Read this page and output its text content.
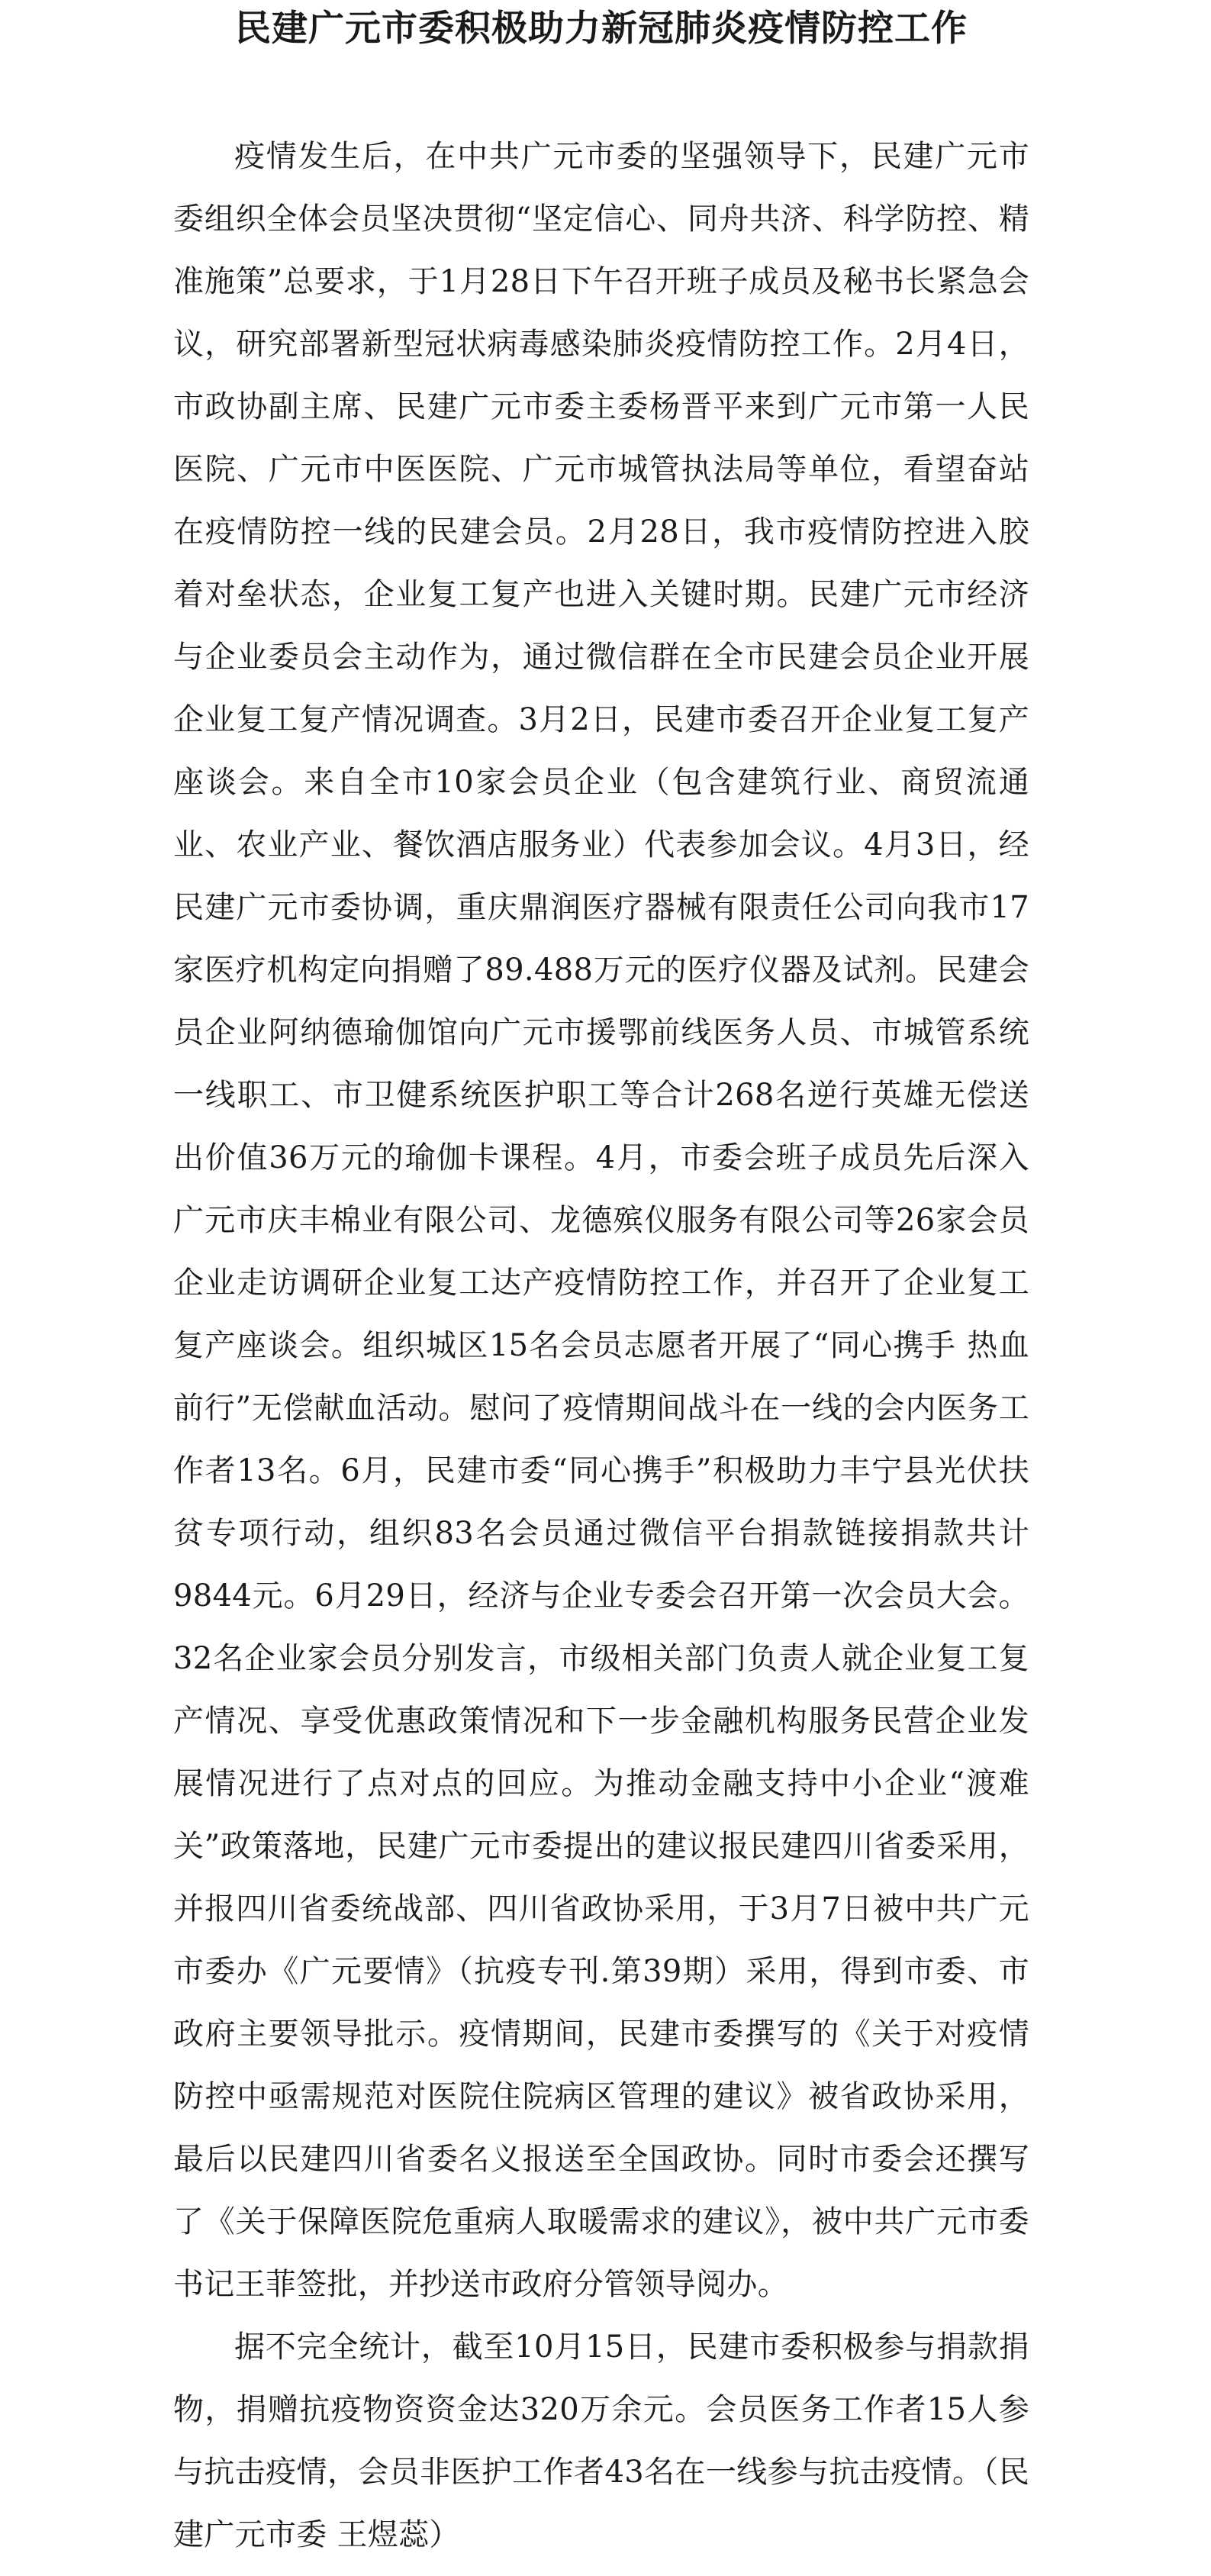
民建广元市委积极助力新冠肺炎疫情防控工作

疫情发生后，在中共广元市委的坚强领导下，民建广元市委组织全体会员坚决贯彻“坚定信心、同舟共济、科学防控、精准施策”总要求，于1月28日下午召开班子成员及秘书长紧急会议，研究部署新型冠状病毒感染肺炎疫情防控工作。2月4日，市政协副主席、民建广元市委主委杨晋平来到广元市第一人民医院、广元市中医医院、广元市城管执法局等单位，看望奋站在疫情防控一线的民建会员。2月28日，我市疫情防控进入胶着对垒状态，企业复工复产也进入关键时期。民建广元市经济与企业委员会主动作为，通过微信群在全市民建会员企业开展企业复工复产情况调查。3月2日，民建市委召开企业复工复产座谈会。来自全市10家会员企业（包含建筑行业、商贸流通业、农业产业、餐饮酒店服务业）代表参加会议。4月3日，经民建广元市委协调，重庆鼎润医疗器械有限责任公司向我市17家医疗机构定向捐赠了89.488万元的医疗仪器及试剂。民建会员企业阿纳德瑜伽馆向广元市援鄂前线医务人员、市城管系统一线职工、市卫健系统医护职工等合计268名逆行英雄无偿送出价值36万元的瑜伽卡课程。4月，市委会班子成员先后深入广元市庆丰棉业有限公司、龙德殡仪服务有限公司等26家会员企业走访调研企业复工达产疫情防控工作，并召开了企业复工复产座谈会。组织城区15名会员志愿者开展了“同心携手 热血前行”无偿献血活动。慰问了疫情期间战斗在一线的会内医务工作者13名。6月，民建市委“同心携手”积极助力丰宁县光伏扶贫专项行动，组织83名会员通过微信平台捐款链接捐款共计9844元。6月29日，经济与企业专委会召开第一次会员大会。32名企业家会员分别发言，市级相关部门负责人就企业复工复产情况、享受优惠政策情况和下一步金融机构服务民营企业发展情况进行了点对点的回应。为推动金融支持中小企业“渡难关”政策落地，民建广元市委提出的建议报民建四川省委采用，并报四川省委统战部、四川省政协采用，于3月7日被中共广元市委办《广元要情》（抗疫专刊.第39期）采用，得到市委、市政府主要领导批示。疫情期间，民建市委撰写的《关于对疫情防控中亟需规范对医院住院病区管理的建议》被省政协采用，最后以民建四川省委名义报送至全国政协。同时市委会还撰写了《关于保障医院危重病人取暖需求的建议》，被中共广元市委书记王菲签批，并抄送市政府分管领导阅办。

据不完全统计，截至10月15日，民建市委积极参与捐款捐物，捐赠抗疫物资资金达320万余元。会员医务工作者15人参与抗击疫情，会员非医护工作者43名在一线参与抗击疫情。（民建广元市委 王煜蕊）
